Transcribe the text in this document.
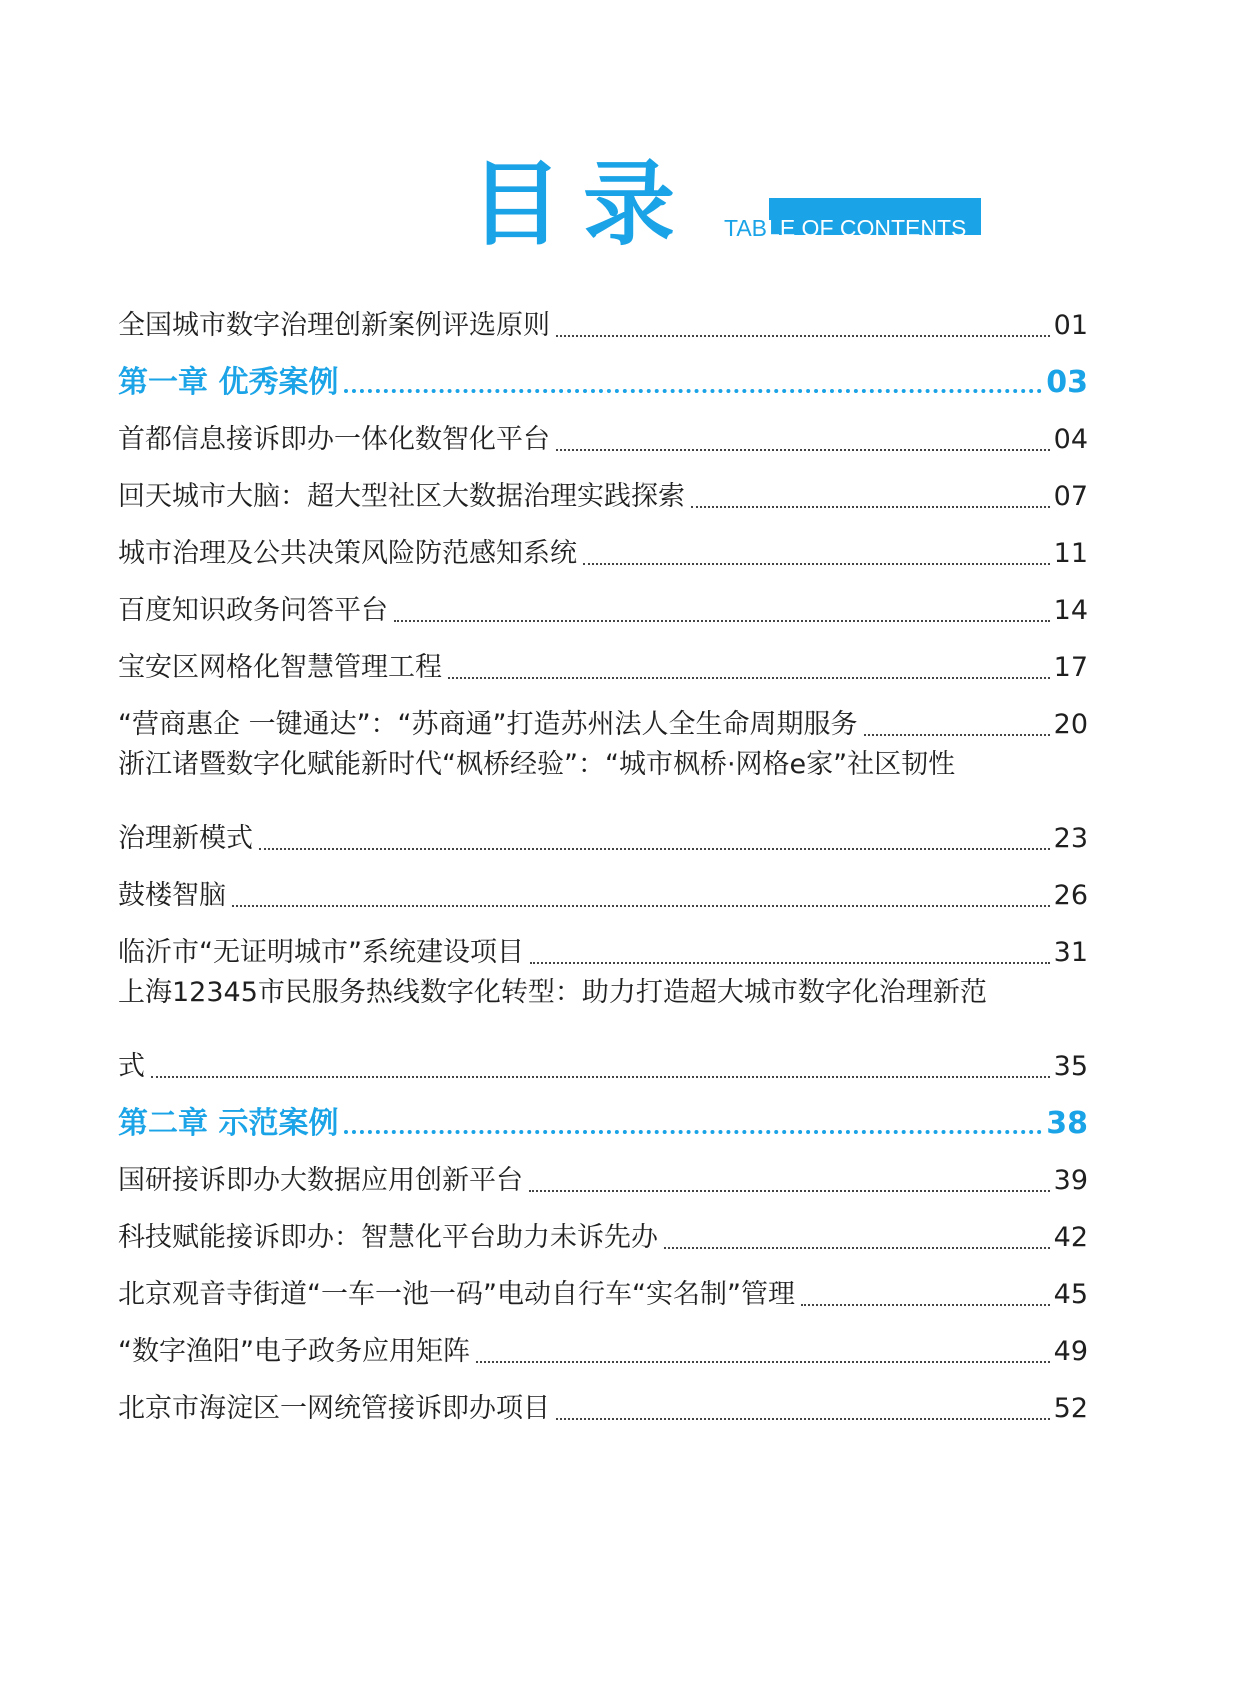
目 录 TABLE OF CONTENTS
全国城市数字治理创新案例评选原则	01
第一章 优秀案例	03
首都信息接诉即办一体化数智化平台	04
回天城市大脑：超大型社区大数据治理实践探索	07
城市治理及公共决策风险防范感知系统	11
百度知识政务问答平台	14
宝安区网格化智慧管理工程	17
“营商惠企 一键通达”：“苏商通”打造苏州法人全生命周期服务	20
浙江诸暨数字化赋能新时代“枫桥经验”：“城市枫桥·网格e家”社区韧性
治理新模式	23
鼓楼智脑	26
临沂市“无证明城市”系统建设项目	31
上海12345市民服务热线数字化转型：助力打造超大城市数字化治理新范
式	35
第二章 示范案例	38
国研接诉即办大数据应用创新平台	39
科技赋能接诉即办：智慧化平台助力未诉先办	42
北京观音寺街道“一车一池一码”电动自行车“实名制”管理	45
“数字渔阳”电子政务应用矩阵	49
北京市海淀区一网统管接诉即办项目	52
